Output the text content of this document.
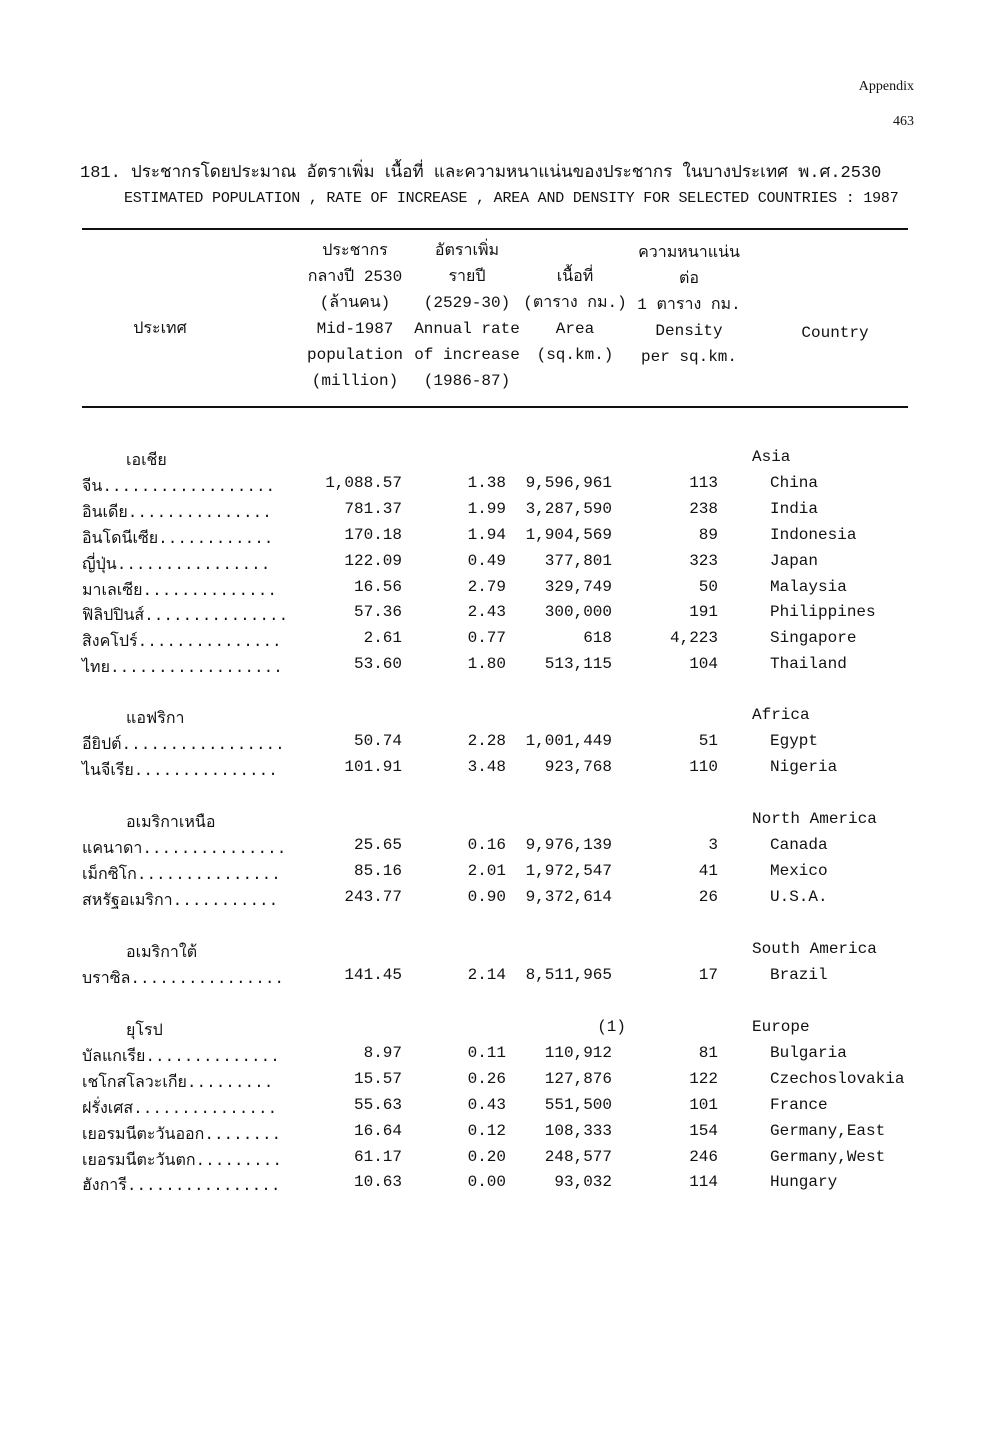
Appendix
463
181. ประชากรโดยประมาณ อัตราเพิ่ม เนื้อที่ และความหนาแน่นของประชากร ในบางประเทศ พ.ศ.2530
ESTIMATED POPULATION , RATE OF INCREASE , AREA AND DENSITY FOR SELECTED COUNTRIES : 1987
ประเทศ
ประชากร
กลางปี 2530
(ล้านคน)
Mid-1987
population
(million)
อัตราเพิ่ม
รายปี
(2529-30)
Annual rate
of increase
(1986-87)
เนื้อที่
(ตาราง กม.)
Area
(sq.km.)
ความหนาแน่น
ต่อ
1 ตาราง กม.
Density
per sq.km.
Country
เอเชีย	Asia
จีน..................	1,088.57	1.38 9,596,961	113	China
อินเดีย...............	781.37	1.99 3,287,590	238	India
อินโดนีเซีย............	170.18	1.94 1,904,569	89	Indonesia
ญี่ปุ่น................	122.09	0.49 377,801	323	Japan
มาเลเซีย..............	16.56	2.79 329,749	50	Malaysia
ฟิลิปปินส์...............	57.36	2.43 300,000	191	Philippines
สิงคโปร์...............	2.61	0.77	618	4,223	Singapore
ไทย..................	53.60	1.80 513,115	104	Thailand
แอฟริกา	Africa
อียิปต์.................	50.74	2.28 1,001,449	51	Egypt
ไนจีเรีย...............	101.91	3.48 923,768	110	Nigeria
อเมริกาเหนือ	North America
แคนาดา...............	25.65	0.16 9,976,139	3	Canada
เม็กซิโก...............	85.16	2.01 1,972,547	41	Mexico
สหรัฐอเมริกา...........	243.77	0.90 9,372,614	26	U.S.A.
อเมริกาใต้	South America
บราซิล................	141.45	2.14 8,511,965	17	Brazil
ยุโรป	Europe
(1)
บัลแกเรีย..............	8.97	0.11 110,912	81	Bulgaria
เชโกสโลวะเกีย.........	15.57	0.26 127,876	122	Czechoslovakia
ฝรั่งเศส...............	55.63	0.43 551,500	101	France
เยอรมนีตะวันออก........	16.64	0.12 108,333	154	Germany,East
เยอรมนีตะวันตก.........	61.17	0.20 248,577	246	Germany,West
ฮังการี................	10.63	0.00	93,032	114	Hungary
